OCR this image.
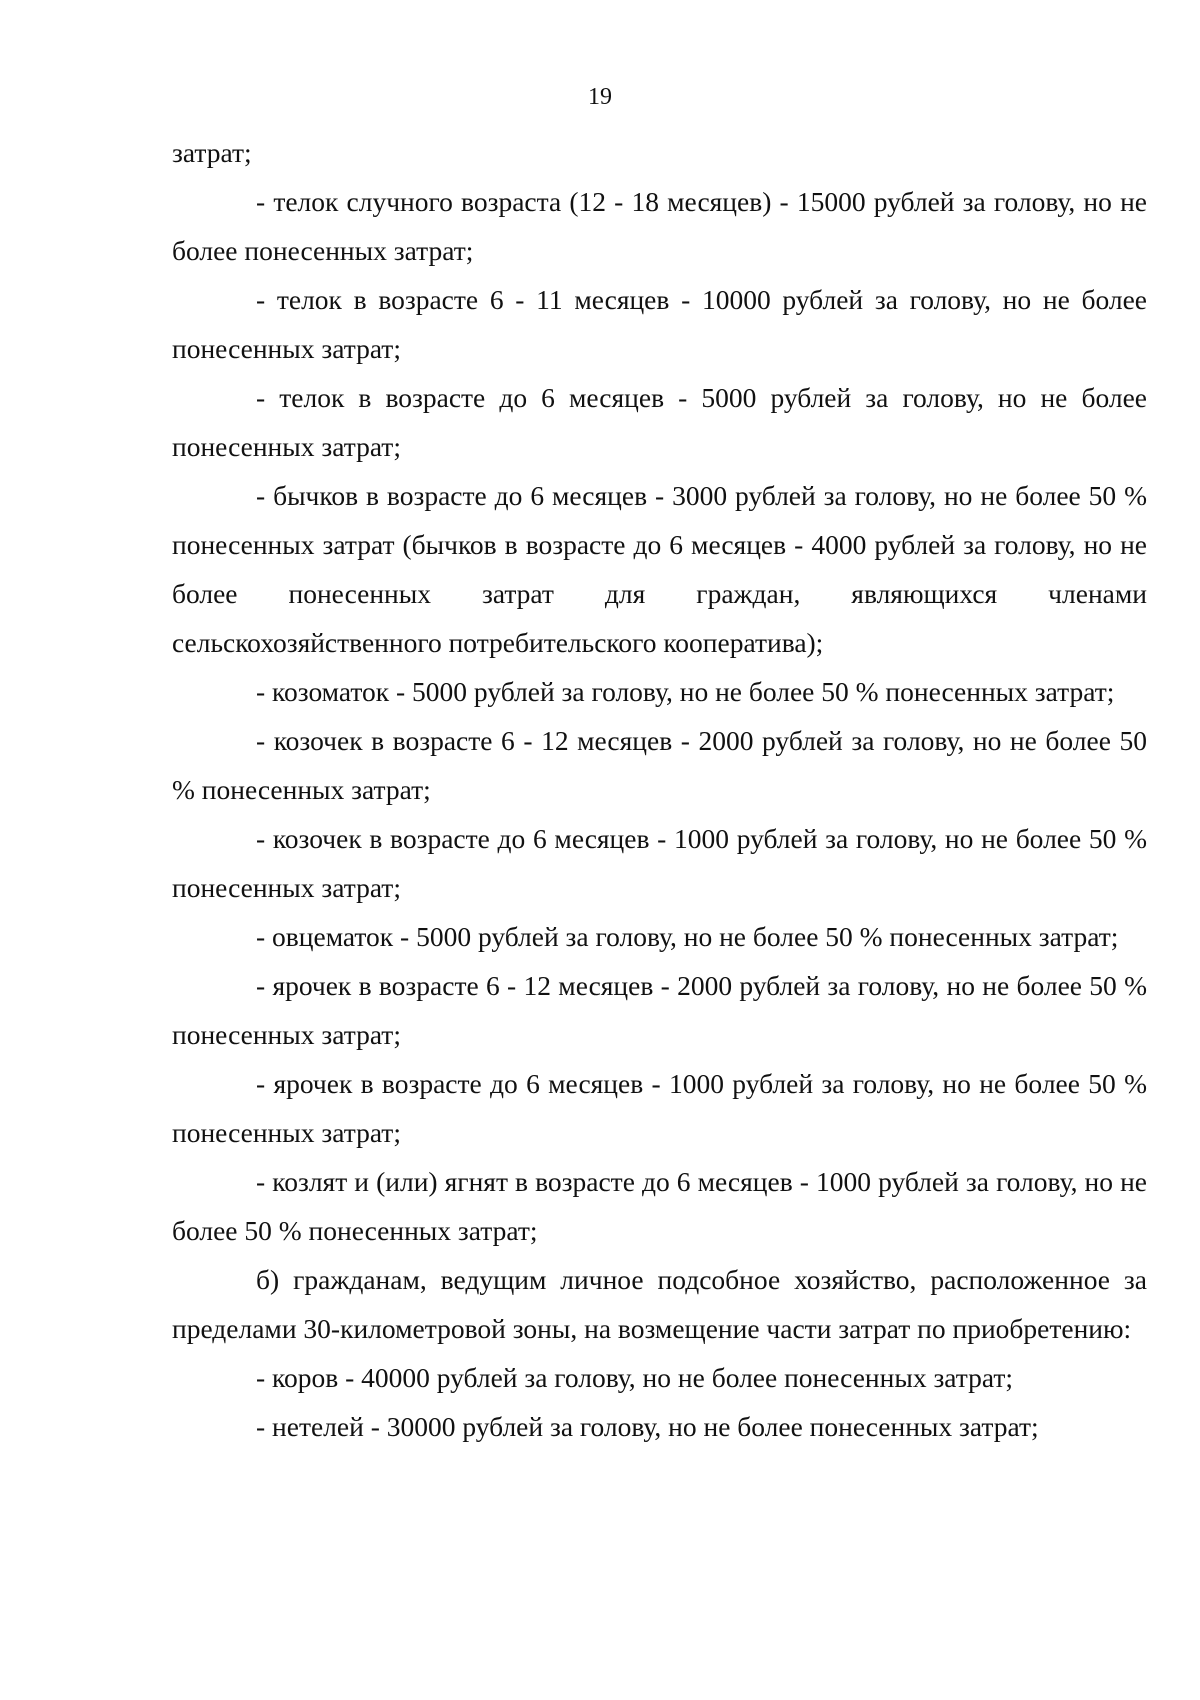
19

затрат;

- телок случного возраста (12 - 18 месяцев) - 15000 рублей за голову, но не более понесенных затрат;

- телок в возрасте 6 - 11 месяцев - 10000 рублей за голову, но не более понесенных затрат;

- телок в возрасте до 6 месяцев - 5000 рублей за голову, но не более понесенных затрат;

- бычков в возрасте до 6 месяцев - 3000 рублей за голову, но не более 50 % понесенных затрат (бычков в возрасте до 6 месяцев - 4000 рублей за голову, но не более понесенных затрат для граждан, являющихся членами сельскохозяйственного потребительского кооператива);

- козоматок - 5000 рублей за голову, но не более 50 % понесенных затрат;

- козочек в возрасте 6 - 12 месяцев - 2000 рублей за голову, но не более 50 % понесенных затрат;

- козочек в возрасте до 6 месяцев - 1000 рублей за голову, но не более 50 % понесенных затрат;

- овцематок - 5000 рублей за голову, но не более 50 % понесенных затрат;

- ярочек в возрасте 6 - 12 месяцев - 2000 рублей за голову, но не более 50 % понесенных затрат;

- ярочек в возрасте до 6 месяцев - 1000 рублей за голову, но не более 50 % понесенных затрат;

- козлят и (или) ягнят в возрасте до 6 месяцев - 1000 рублей за голову, но не более 50 % понесенных затрат;

б) гражданам, ведущим личное подсобное хозяйство, расположенное за пределами 30-километровой зоны, на возмещение части затрат по приобретению:

- коров - 40000 рублей за голову, но не более понесенных затрат;

- нетелей - 30000 рублей за голову, но не более понесенных затрат;
